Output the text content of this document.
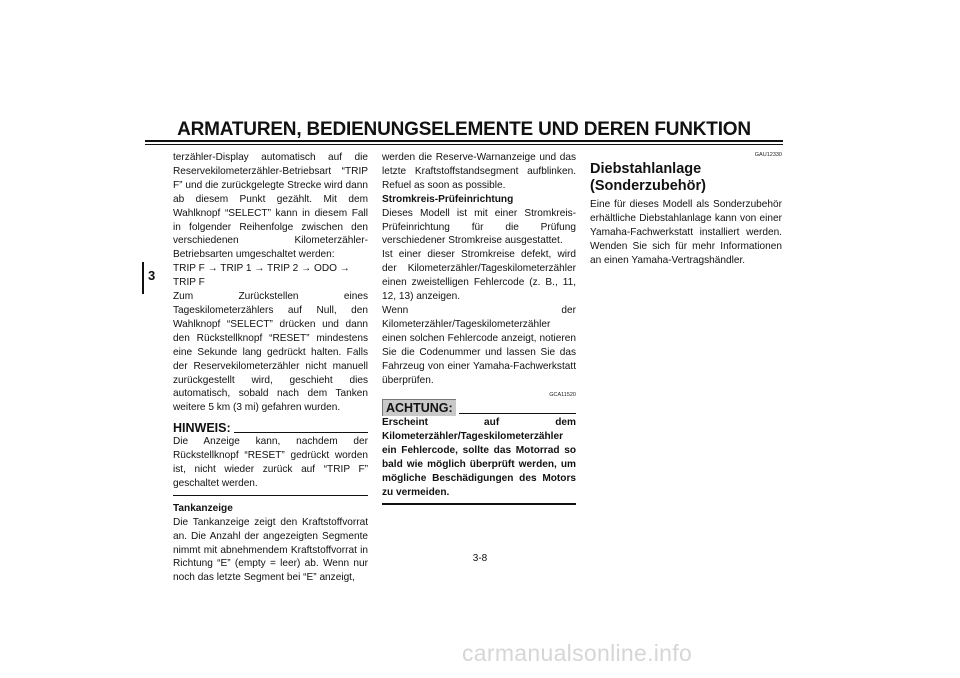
ARMATUREN, BEDIENUNGSELEMENTE UND DEREN FUNKTION
3

terzähler-Display automatisch auf die Reservekilometerzähler-Betriebsart “TRIP F” und die zurückgelegte Strecke wird dann ab diesem Punkt gezählt. Mit dem Wahlknopf “SELECT” kann in diesem Fall in folgender Reihenfolge zwischen den verschiedenen Kilometerzähler-Betriebsarten umgeschaltet werden:

TRIP F → TRIP 1 → TRIP 2 → ODO → TRIP F

Zum Zurückstellen eines Tageskilometerzählers auf Null, den Wahlknopf “SELECT” drücken und dann den Rückstellknopf “RESET” mindestens eine Sekunde lang gedrückt halten. Falls der Reservekilometerzähler nicht manuell zurückgestellt wird, geschieht dies automatisch, sobald nach dem Tanken weitere 5 km (3 mi) gefahren wurden.

HINWEIS:

Die Anzeige kann, nachdem der Rückstellknopf “RESET” gedrückt worden ist, nicht wieder zurück auf “TRIP F” geschaltet werden.

Tankanzeige

Die Tankanzeige zeigt den Kraftstoffvorrat an. Die Anzahl der angezeigten Segmente nimmt mit abnehmendem Kraftstoffvorrat in Richtung “E” (empty = leer) ab. Wenn nur noch das letzte Segment bei “E” anzeigt,

werden die Reserve-Warnanzeige und das letzte Kraftstoffstandsegment aufblinken. Refuel as soon as possible.

Stromkreis-Prüfeinrichtung

Dieses Modell ist mit einer Stromkreis-Prüfeinrichtung für die Prüfung verschiedener Stromkreise ausgestattet.

Ist einer dieser Stromkreise defekt, wird der Kilometerzähler/Tageskilometerzähler einen zweistelligen Fehlercode (z. B., 11, 12, 13) anzeigen.

Wenn der Kilometerzähler/Tageskilometerzähler einen solchen Fehlercode anzeigt, notieren Sie die Codenummer und lassen Sie das Fahrzeug von einer Yamaha-Fachwerkstatt überprüfen.

GCA11520
ACHTUNG:

Erscheint auf dem Kilometerzähler/Tageskilometerzähler ein Fehlercode, sollte das Motorrad so bald wie möglich überprüft werden, um mögliche Beschädigungen des Motors zu vermeiden.

GAU12330
Diebstahlanlage (Sonderzubehör)

Eine für dieses Modell als Sonderzubehör erhältliche Diebstahlanlage kann von einer Yamaha-Fachwerkstatt installiert werden. Wenden Sie sich für mehr Informationen an einen Yamaha-Vertragshändler.

3-8
carmanualsonline.info
